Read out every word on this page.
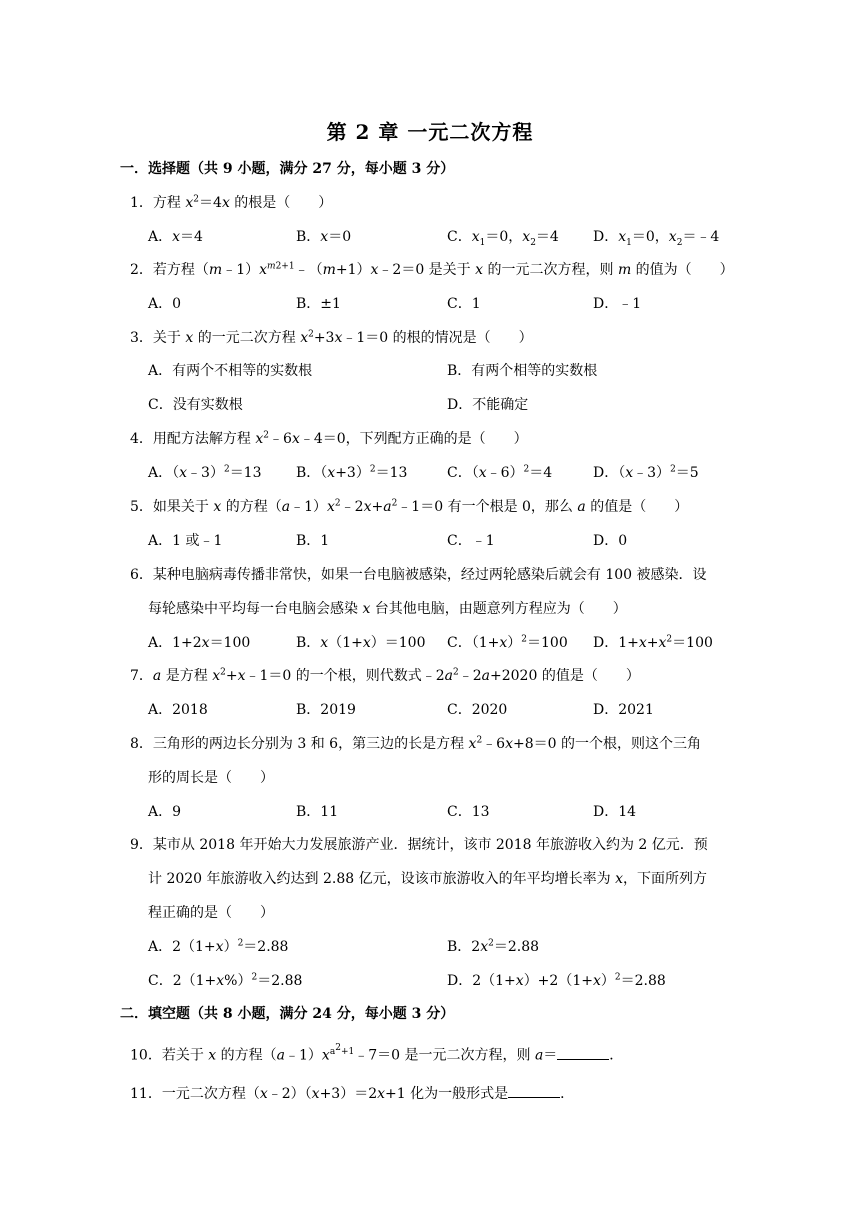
第 2 章 一元二次方程
一．选择题（共 9 小题，满分 27 分，每小题 3 分）
1．方程 $x^2=4x$ 的根是（　　）
A．x＝4	B．x＝0	C．$x_1=0$，$x_2=4$ D．$x_1=0$，$x_2=﹣4$
2．若方程$(m﹣1)x^{m2+1}﹣(m+1)x﹣2=0$ 是关于 x 的一元二次方程，则 m 的值为（　　）
A．0	B．±1	C．1	D．﹣1
3．关于 x 的一元二次方程 $x^2+3x﹣1=0$ 的根的情况是（　　）
A．有两个不相等的实数根	B．有两个相等的实数根
C．没有实数根	D．不能确定
4．用配方法解方程 $x^2﹣6x﹣4=0$，下列配方正确的是（　　）
A．（x﹣3）$^2$＝13 B．$(x+3)^2=13$	C．（x﹣6）$^2$＝4	D．（x﹣3）$^2$＝5
5．如果关于 x 的方程$(a﹣1)x^2﹣2x+a^2﹣1=0$ 有一个根是 0，那么 a 的值是（　　）
A．1 或﹣1	B．1	C．﹣1	D．0
6．某种电脑病毒传播非常快，如果一台电脑被感染，经过两轮感染后就会有 100 被感染．设
每轮感染中平均每一台电脑会感染 x 台其他电脑，由题意列方程应为（　　）
A．1+2x＝100	B．x（1+x）＝100 C．$(1+x)^2=100$ D．$1+x+x^2=100$
7．a 是方程 $x^2+x﹣1=0$ 的一个根，则代数式$﹣2a^2﹣2a+2020$ 的值是（　　）
A．2018	B．2019	C．2020	D．2021
8．三角形的两边长分别为 3 和 6，第三边的长是方程 $x^2﹣6x+8=0$ 的一个根，则这个三角
形的周长是（　　）
A．9	B．11	C．13	D．14
9．某市从 2018 年开始大力发展旅游产业．据统计，该市 2018 年旅游收入约为 2 亿元．预
计 2020 年旅游收入约达到 2.88 亿元，设该市旅游收入的年平均增长率为 x，下面所列方
程正确的是（　　）
A．$2(1+x)^2=2.88$	B．$2x^2=2.88$
C．$2(1+x\%)^2=2.88$	D．$2(1+x)+2(1+x)^2=2.88$
二．填空题（共 8 小题，满分 24 分，每小题 3 分）
10．若关于 x 的方程$(a﹣1)x^{a^2+1}﹣7=0$ 是一元二次方程，则 a＝	．
11．一元二次方程（x﹣2）（x+3）＝2x+1 化为一般形式是	．
